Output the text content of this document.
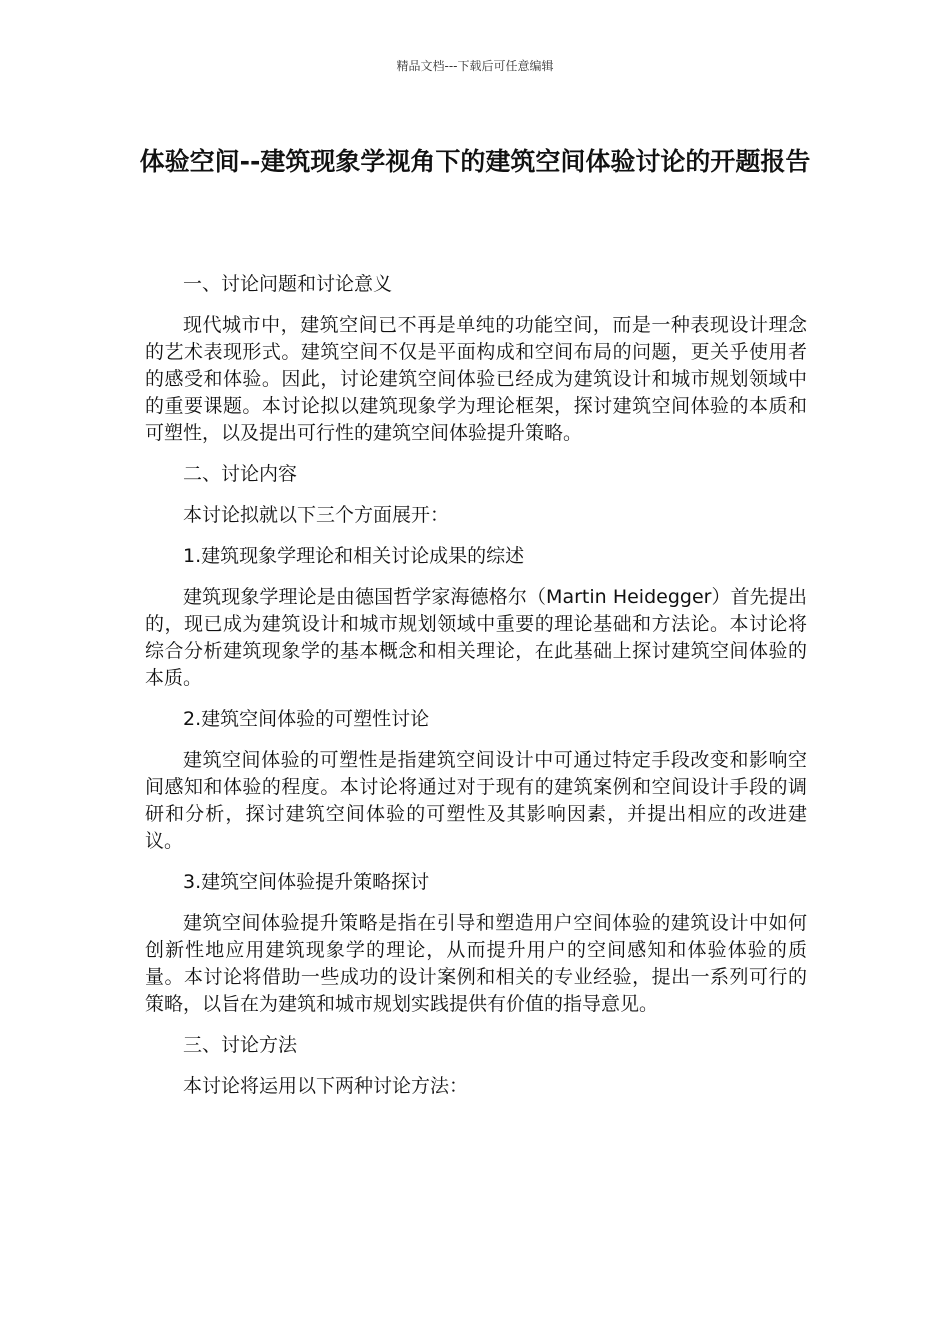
精品文档---下载后可任意编辑
体验空间--建筑现象学视角下的建筑空间体验讨论的开题报告

一、讨论问题和讨论意义

现代城市中，建筑空间已不再是单纯的功能空间，而是一种表现设计理念的艺术表现形式。建筑空间不仅是平面构成和空间布局的问题，更关乎使用者的感受和体验。因此，讨论建筑空间体验已经成为建筑设计和城市规划领域中的重要课题。本讨论拟以建筑现象学为理论框架，探讨建筑空间体验的本质和可塑性，以及提出可行性的建筑空间体验提升策略。

二、讨论内容

本讨论拟就以下三个方面展开：

1.建筑现象学理论和相关讨论成果的综述

建筑现象学理论是由德国哲学家海德格尔（Martin Heidegger）首先提出的，现已成为建筑设计和城市规划领域中重要的理论基础和方法论。本讨论将综合分析建筑现象学的基本概念和相关理论，在此基础上探讨建筑空间体验的本质。

2.建筑空间体验的可塑性讨论

建筑空间体验的可塑性是指建筑空间设计中可通过特定手段改变和影响空间感知和体验的程度。本讨论将通过对于现有的建筑案例和空间设计手段的调研和分析，探讨建筑空间体验的可塑性及其影响因素，并提出相应的改进建议。

3.建筑空间体验提升策略探讨

建筑空间体验提升策略是指在引导和塑造用户空间体验的建筑设计中如何创新性地应用建筑现象学的理论，从而提升用户的空间感知和体验体验的质量。本讨论将借助一些成功的设计案例和相关的专业经验，提出一系列可行的策略，以旨在为建筑和城市规划实践提供有价值的指导意见。

三、讨论方法

本讨论将运用以下两种讨论方法：
